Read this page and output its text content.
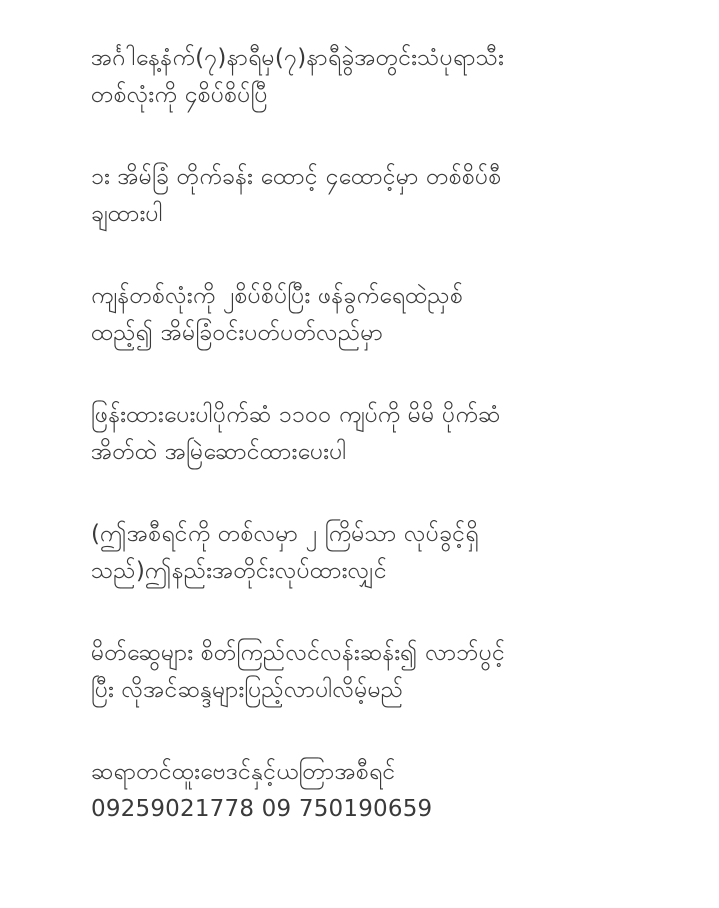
အင်္ဂါနေ့နံက်(၇)နာရီမှ(၇)နာရီခွဲအတွင်းသံပုရာသီး
တစ်လုံးကို ၄စိပ်စိပ်ပြီ

ၥး အိမ်ခြံ တိုက်ခန်း ထောင့် ၄ထောင့်မှာ တစ်စိပ်စီ
ချထားပါ

ကျန်တစ်လုံးကို ၂စိပ်စိပ်ပြီး ဖန်ခွက်ရေထဲညှစ်
ထည့်၍ အိမ်ခြံဝင်းပတ်ပတ်လည်မှာ

ဖြန်းထားပေးပါပိုက်ဆံ ၁၁၀၀ ကျပ်ကို မိမိ ပိုက်ဆံ
အိတ်ထဲ အမြဲဆောင်ထားပေးပါ

(ဤအစီရင်ကို တစ်လမှာ ၂ ကြိမ်သာ လုပ်ခွင့်ရှိ
သည်)ဤနည်းအတိုင်းလုပ်ထားလျှင်

မိတ်ဆွေများ စိတ်ကြည်လင်လန်းဆန်း၍ လာဘ်ပွင့်
ပြီး လိုအင်ဆန္ဒများပြည့်လာပါလိမ့်မည်

ဆရာတင်ထူးဗေဒင်နှင့်ယတြာအစီရင်
09259021778 09 750190659
